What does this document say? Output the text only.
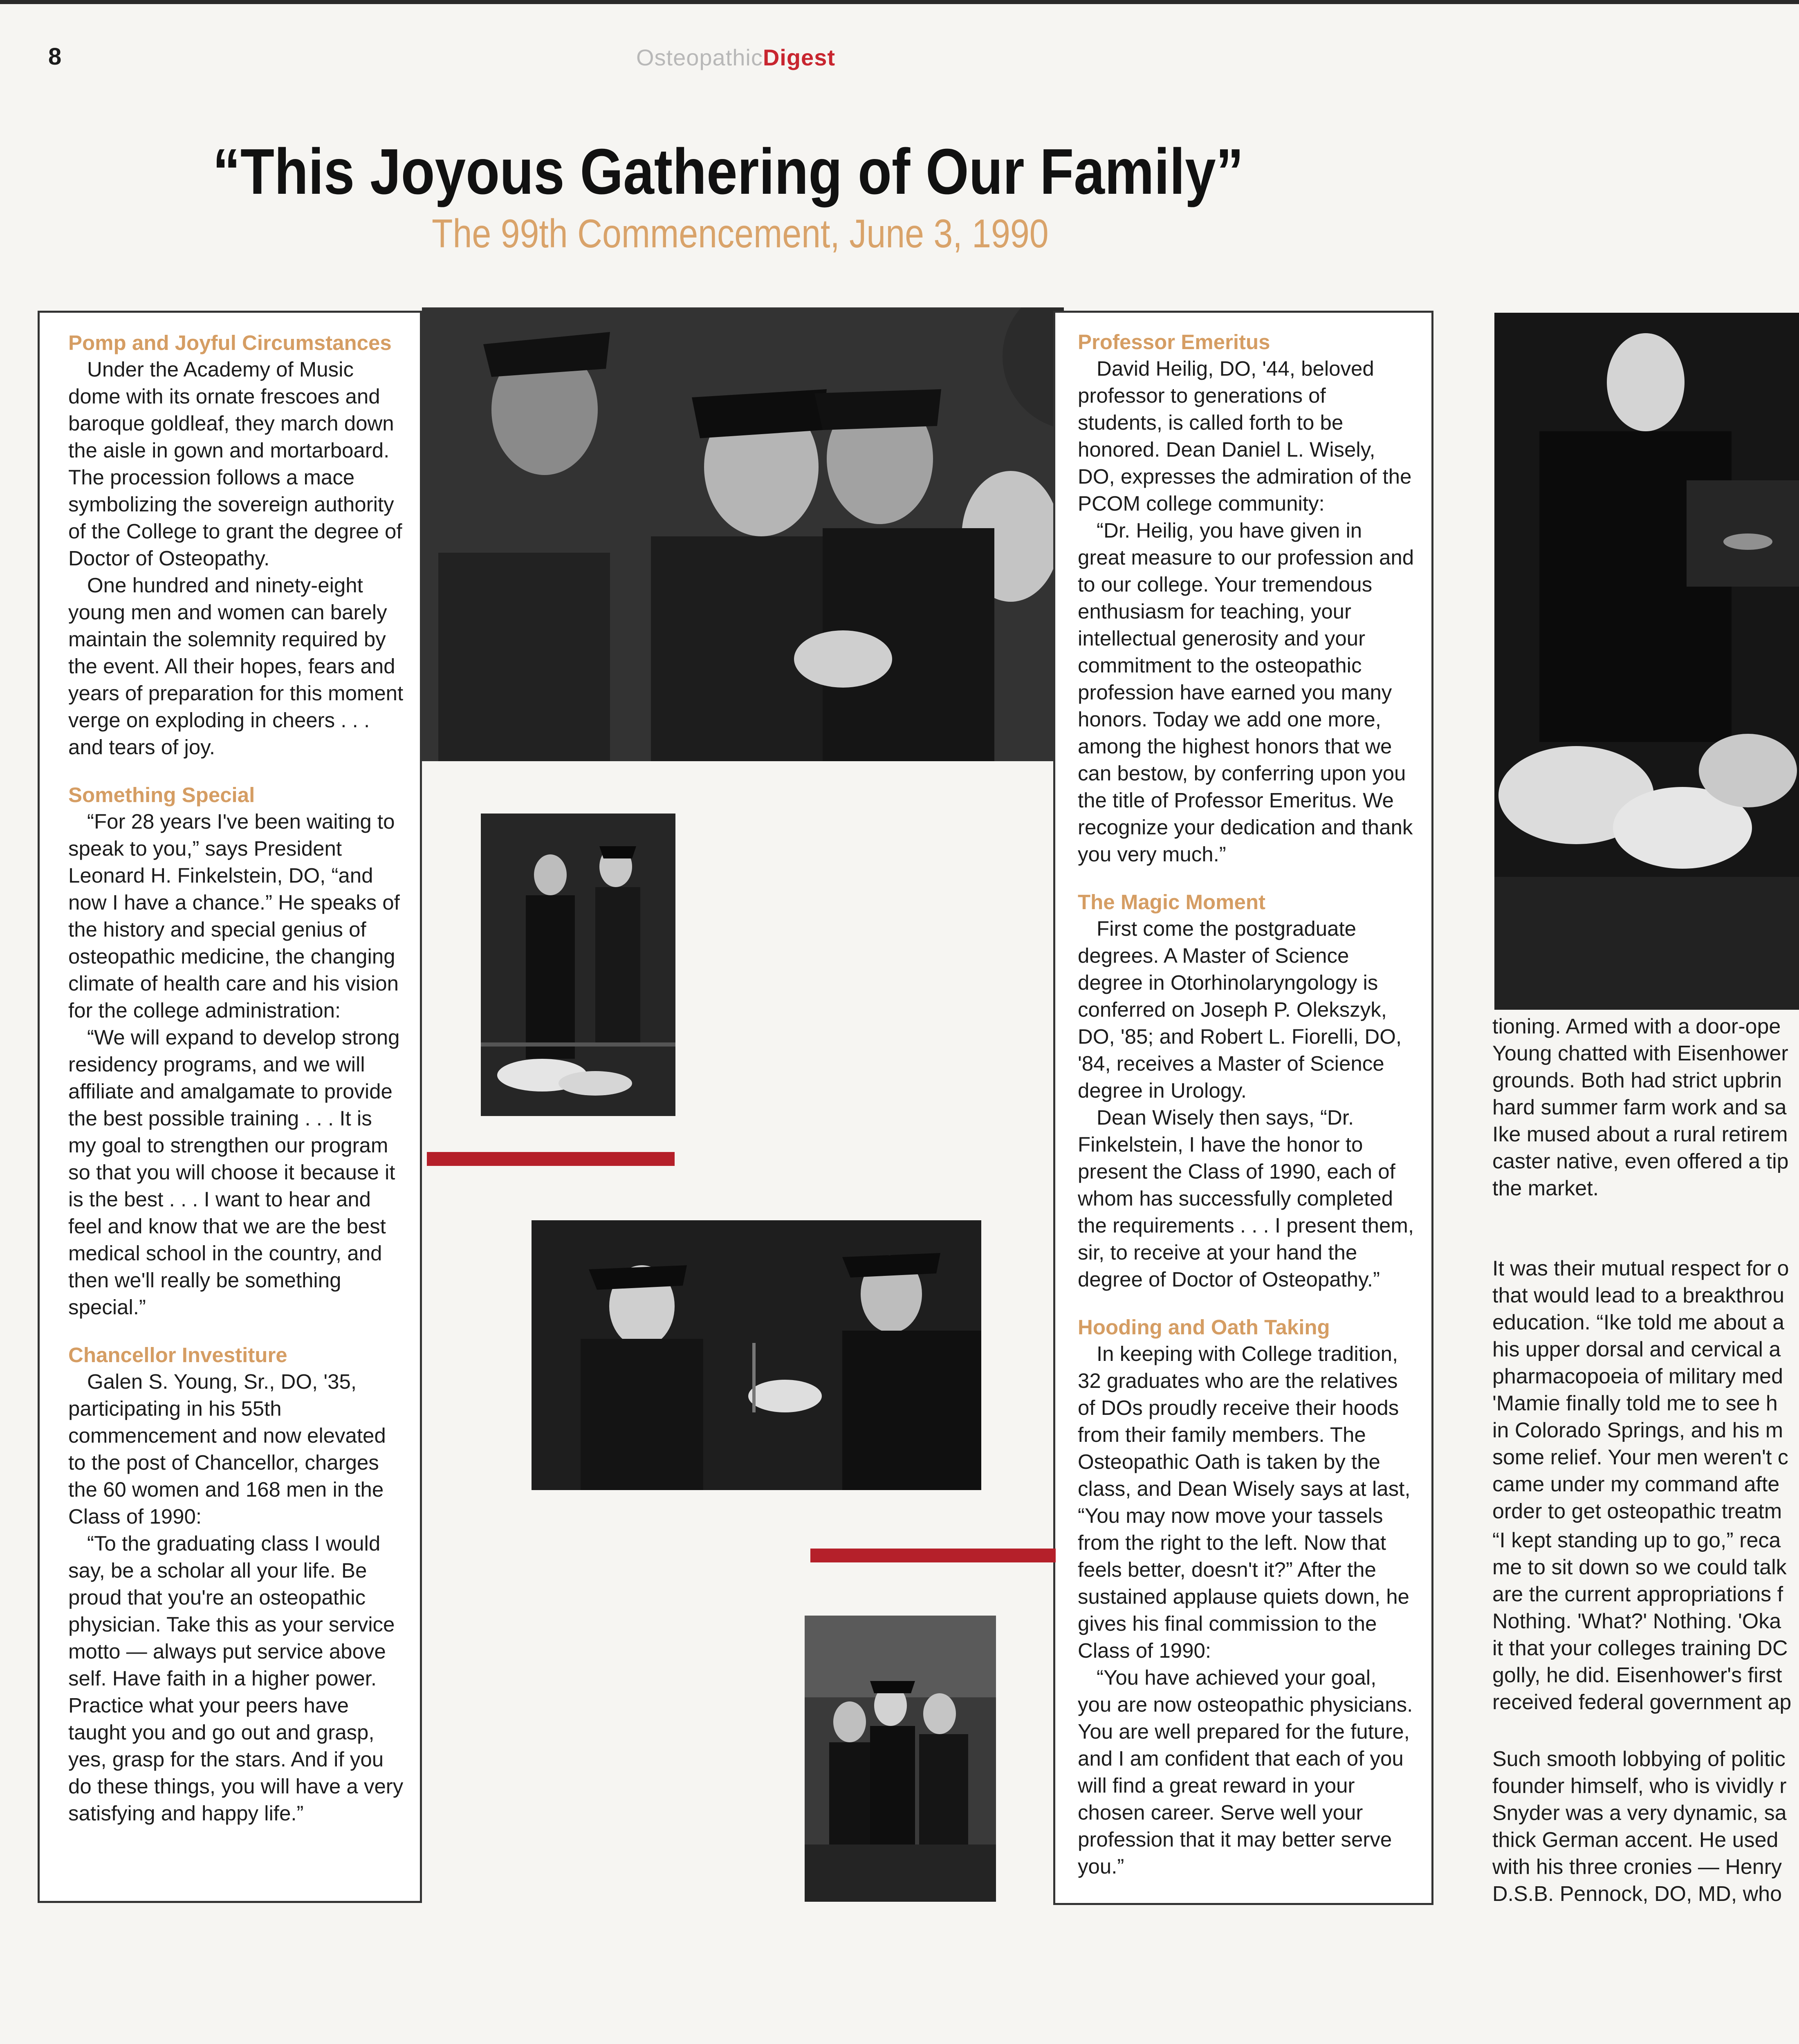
8	OsteopathicDigest
“This Joyous Gathering of Our Family”
The 99th Commencement, June 3, 1990
Pomp and Joyful Circumstances

Under the Academy of Music dome with its ornate frescoes and baroque goldleaf, they march down the aisle in gown and mortarboard. The procession follows a mace symbolizing the sovereign authority of the College to grant the degree of Doctor of Osteopathy.

One hundred and ninety-eight young men and women can barely maintain the solemnity required by the event. All their hopes, fears and years of preparation for this moment verge on exploding in cheers . . . and tears of joy.

Something Special

“For 28 years I've been waiting to speak to you,” says President Leonard H. Finkelstein, DO, “and now I have a chance.” He speaks of the history and special genius of osteopathic medicine, the changing climate of health care and his vision for the college administration:

“We will expand to develop strong residency programs, and we will affiliate and amalgamate to provide the best possible training . . . It is my goal to strengthen our program so that you will choose it because it is the best . . . I want to hear and feel and know that we are the best medical school in the country, and then we'll really be something special.”

Chancellor Investiture

Galen S. Young, Sr., DO, '35, participating in his 55th commencement and now elevated to the post of Chancellor, charges the 60 women and 168 men in the Class of 1990:

“To the graduating class I would say, be a scholar all your life. Be proud that you're an osteopathic physician. Take this as your service motto — always put service above self. Have faith in a higher power. Practice what your peers have taught you and go out and grasp, yes, grasp for the stars. And if you do these things, you will have a very satisfying and happy life.”

Professor Emeritus

David Heilig, DO, '44, beloved professor to generations of students, is called forth to be honored. Dean Daniel L. Wisely, DO, expresses the admiration of the PCOM college community:

“Dr. Heilig, you have given in great measure to our profession and to our college. Your tremendous enthusiasm for teaching, your intellectual generosity and your commitment to the osteopathic profession have earned you many honors. Today we add one more, among the highest honors that we can bestow, by conferring upon you the title of Professor Emeritus. We recognize your dedication and thank you very much.”

The Magic Moment

First come the postgraduate degrees. A Master of Science degree in Otorhinolaryngology is conferred on Joseph P. Olekszyk, DO, '85; and Robert L. Fiorelli, DO, '84, receives a Master of Science degree in Urology.

Dean Wisely then says, “Dr. Finkelstein, I have the honor to present the Class of 1990, each of whom has successfully completed the requirements . . . I present them, sir, to receive at your hand the degree of Doctor of Osteopathy.”

Hooding and Oath Taking

In keeping with College tradition, 32 graduates who are the relatives of DOs proudly receive their hoods from their family members. The Osteopathic Oath is taken by the class, and Dean Wisely says at last, “You may now move your tassels from the right to the left. Now that feels better, doesn't it?” After the sustained applause quiets down, he gives his final commission to the Class of 1990:

“You have achieved your goal, you are now osteopathic physicians. You are well prepared for the future, and I am confident that each of you will find a great reward in your chosen career. Serve well your profession that it may better serve you.”

tioning. Armed with a door-ope

Young chatted with Eisenhower

grounds. Both had strict upbrin

hard summer farm work and sa

Ike mused about a rural retirem

caster native, even offered a tip

the market.

It was their mutual respect for o

that would lead to a breakthrou

education. “Ike told me about a

his upper dorsal and cervical a

pharmacopoeia of military med

'Mamie finally told me to see h

in Colorado Springs, and his m

some relief. Your men weren't c

came under my command afte

order to get osteopathic treatm

“I kept standing up to go,” reca

me to sit down so we could talk

are the current appropriations f

Nothing. 'What?' Nothing. 'Oka

it that your colleges training DC

golly, he did. Eisenhower's first

received federal government ap

Such smooth lobbying of politic

founder himself, who is vividly r

Snyder was a very dynamic, sa

thick German accent. He used

with his three cronies — Henry

D.S.B. Pennock, DO, MD, who
